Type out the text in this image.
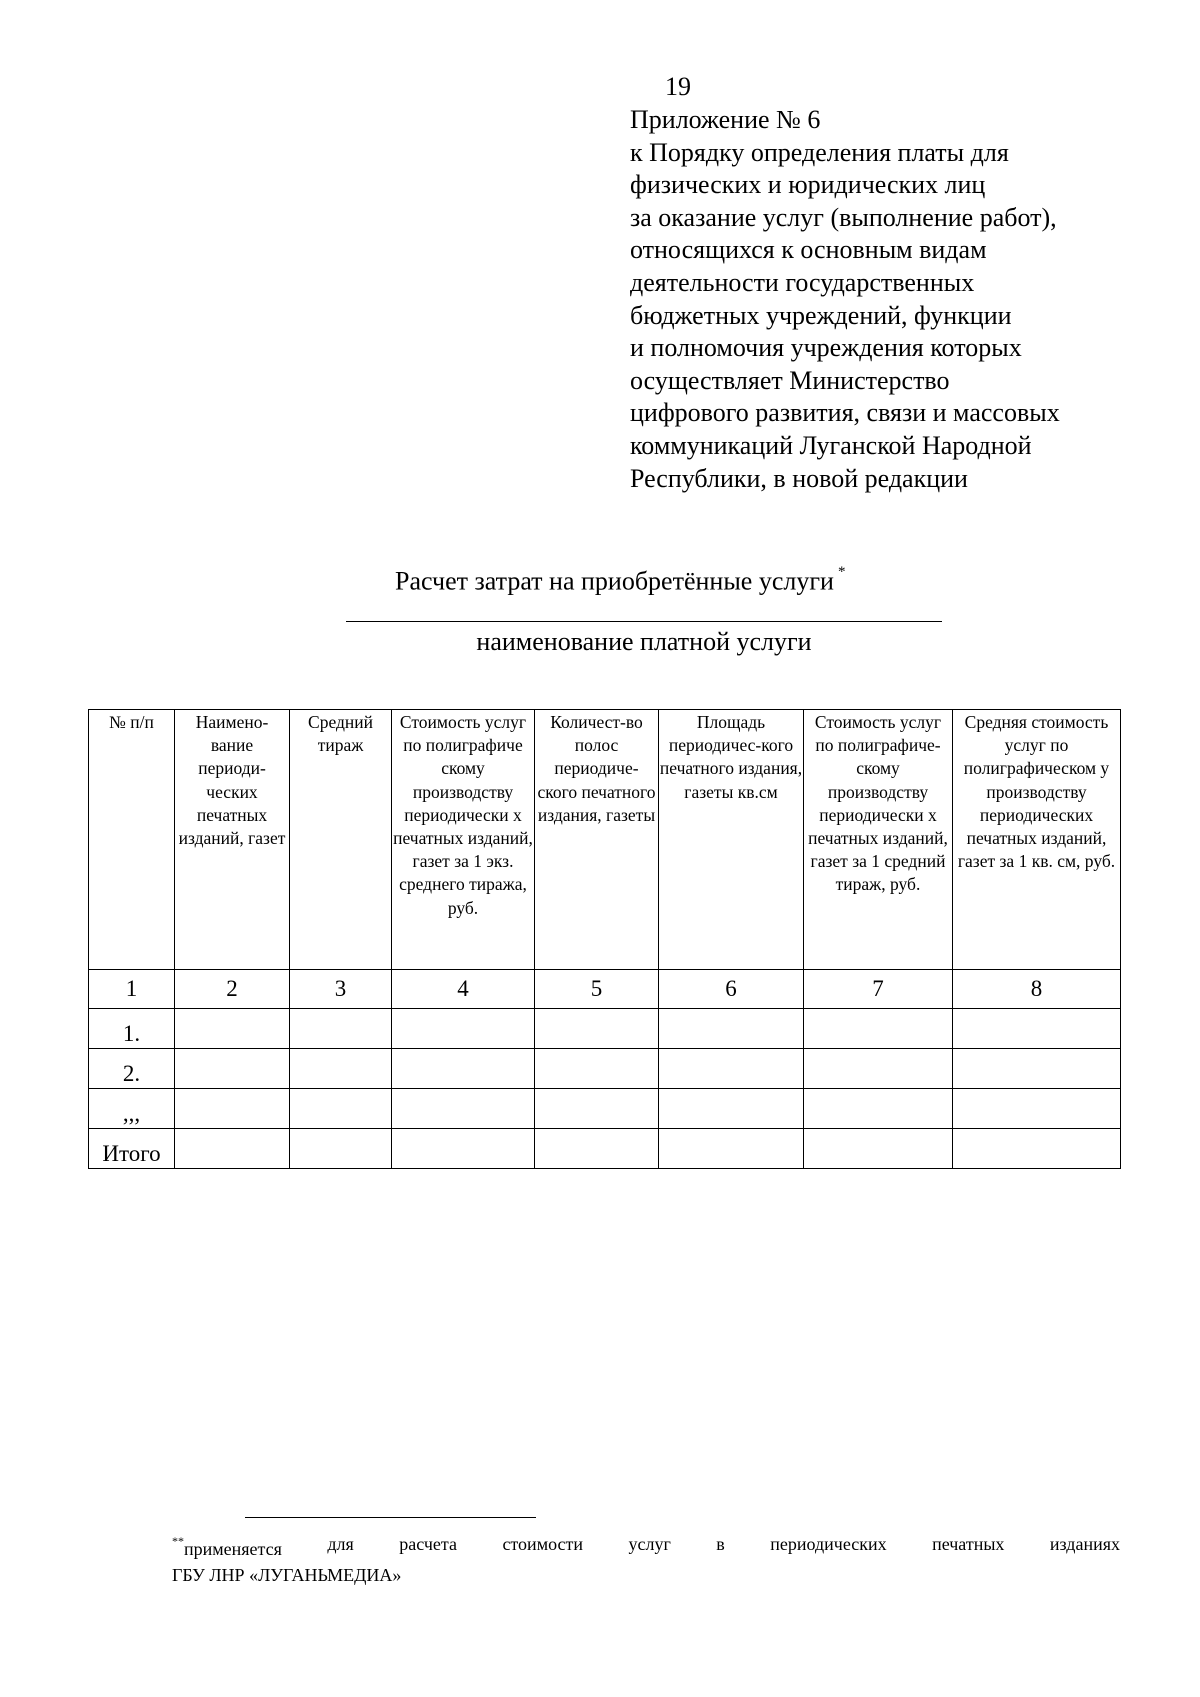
19
Приложение № 6
к Порядку определения платы для
физических и юридических лиц
за оказание услуг (выполнение работ),
относящихся к основным видам
деятельности государственных
бюджетных учреждений, функции
и полномочия учреждения которых
осуществляет Министерство
цифрового развития, связи и массовых
коммуникаций Луганской Народной
Республики, в новой редакции
Расчет затрат на приобретённые услуги *
наименование платной услуги
№ п/п	Наимено-вание периоди-ческих печатных изданий, газет	Средний тираж	Стоимость услуг по полиграфиче скому производству периодически х печатных изданий, газет за 1 экз. среднего тиража, руб.	Количест-во полос периодиче-ского печатного издания, газеты	Площадь периодичес-кого печатного издания, газеты кв.см	Стоимость услуг по полиграфиче-скому производству периодически х печатных изданий, газет за 1 средний тираж, руб.	Средняя стоимость услуг по полиграфическом у производству периодических печатных изданий, газет за 1 кв. см, руб.
1	2	3	4	5	6	7	8
1.							
2.							
,,,							
Итого							
**применяется	для	расчета	стоимости	услуг	в	периодических	печатных	изданиях
ГБУ ЛНР «ЛУГАНЬМЕДИА»
